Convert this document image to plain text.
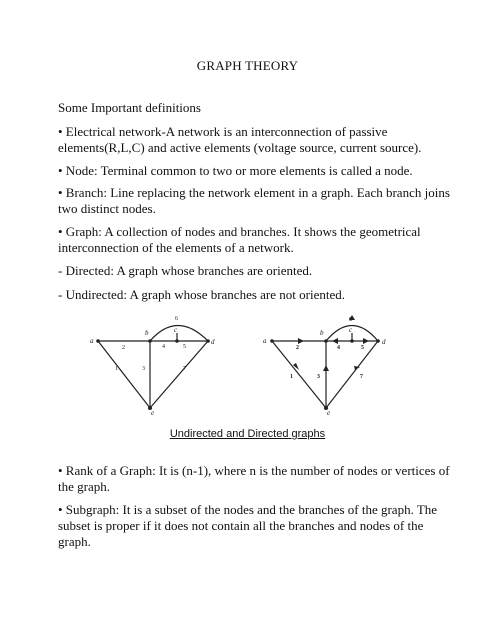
GRAPH THEORY

Some Important definitions

• Electrical network-A network is an interconnection of passive elements(R,L,C) and active elements (voltage source, current source).

• Node: Terminal common to two or more elements is called a node.

• Branch: Line replacing the network element in a graph. Each branch joins two distinct nodes.

• Graph: A collection of nodes and branches. It shows the geometrical interconnection of the elements of a network.

- Directed: A graph whose branches are oriented.

- Undirected: A graph whose branches are not oriented.

a
b	c
d
e
1
2
3
4	5
6
7
a
b	c
d
e
1
2
3
4	5
6
7
Undirected and Directed graphs

• Rank of a Graph: It is (n-1), where n is the number of nodes or vertices of the graph.

• Subgraph: It is a subset of the nodes and the branches of the graph. The subset is proper if it does not contain all the branches and nodes of the graph.
